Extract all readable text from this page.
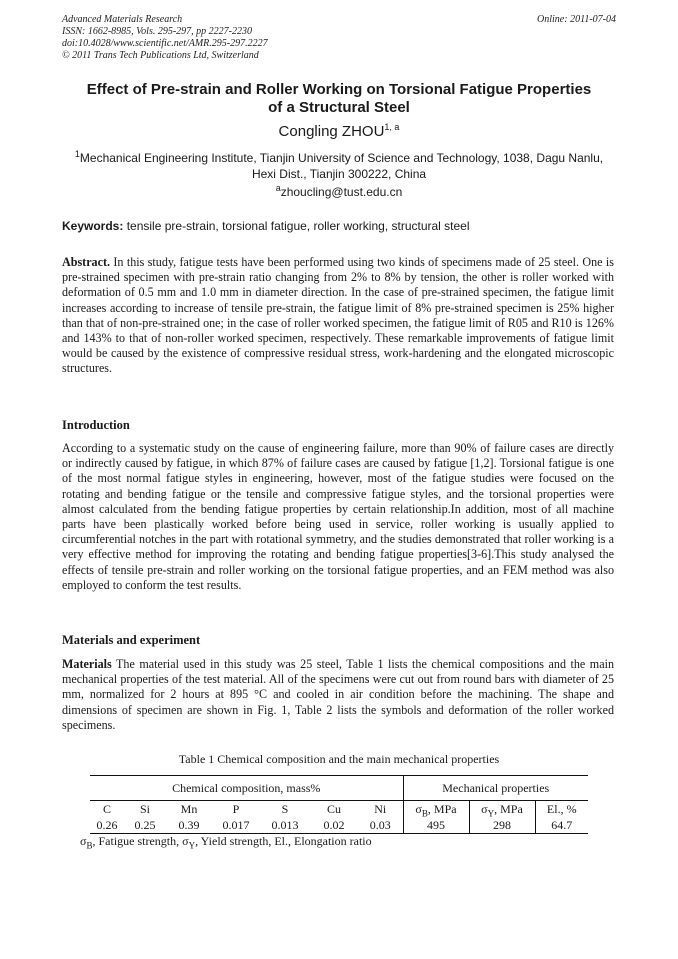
Advanced Materials Research
ISSN: 1662-8985, Vols. 295-297, pp 2227-2230
doi:10.4028/www.scientific.net/AMR.295-297.2227
© 2011 Trans Tech Publications Ltd, Switzerland
Online: 2011-07-04
Effect of Pre-strain and Roller Working on Torsional Fatigue Properties
of a Structural Steel
Congling ZHOU$^{1, a}$
$^1$Mechanical Engineering Institute, Tianjin University of Science and Technology, 1038, Dagu Nanlu,
Hexi Dist., Tianjin 300222, China
$^a$zhoucling@tust.edu.cn
Keywords: tensile pre-strain, torsional fatigue, roller working, structural steel
Abstract. In this study, fatigue tests have been performed using two kinds of specimens made of 25 steel. One is pre-strained specimen with pre-strain ratio changing from 2% to 8% by tension, the other is roller worked with deformation of 0.5 mm and 1.0 mm in diameter direction. In the case of pre-strained specimen, the fatigue limit increases according to increase of tensile pre-strain, the fatigue limit of 8% pre-strained specimen is 25% higher than that of non-pre-strained one; in the case of roller worked specimen, the fatigue limit of R05 and R10 is 126% and 143% to that of non-roller worked specimen, respectively. These remarkable improvements of fatigue limit would be caused by the existence of compressive residual stress, work-hardening and the elongated microscopic structures.
Introduction
According to a systematic study on the cause of engineering failure, more than 90% of failure cases are directly or indirectly caused by fatigue, in which 87% of failure cases are caused by fatigue [1,2]. Torsional fatigue is one of the most normal fatigue styles in engineering, however, most of the fatigue studies were focused on the rotating and bending fatigue or the tensile and compressive fatigue styles, and the torsional properties were almost calculated from the bending fatigue properties by certain relationship.In addition, most of all machine parts have been plastically worked before being used in service, roller working is usually applied to circumferential notches in the part with rotational symmetry, and the studies demonstrated that roller working is a very effective method for improving the rotating and bending fatigue properties[3-6].This study analysed the effects of tensile pre-strain and roller working on the torsional fatigue properties, and an FEM method was also employed to conform the test results.
Materials and experiment
Materials The material used in this study was 25 steel, Table 1 lists the chemical compositions and the main mechanical properties of the test material. All of the specimens were cut out from round bars with diameter of 25 mm, normalized for 2 hours at 895 °C and cooled in air condition before the machining. The shape and dimensions of specimen are shown in Fig. 1, Table 2 lists the symbols and deformation of the roller worked specimens.
Table 1 Chemical composition and the main mechanical properties
Chemical composition, mass%							Mechanical properties		
C	Si	Mn	P	S	Cu	Ni	$\sigma_B$, MPa	$\sigma_Y$, MPa	El., %
0.26	0.25	0.39	0.017	0.013	0.02	0.03	495	298	64.7
$\sigma_B$, Fatigue strength, $\sigma_Y$, Yield strength, El., Elongation ratio
